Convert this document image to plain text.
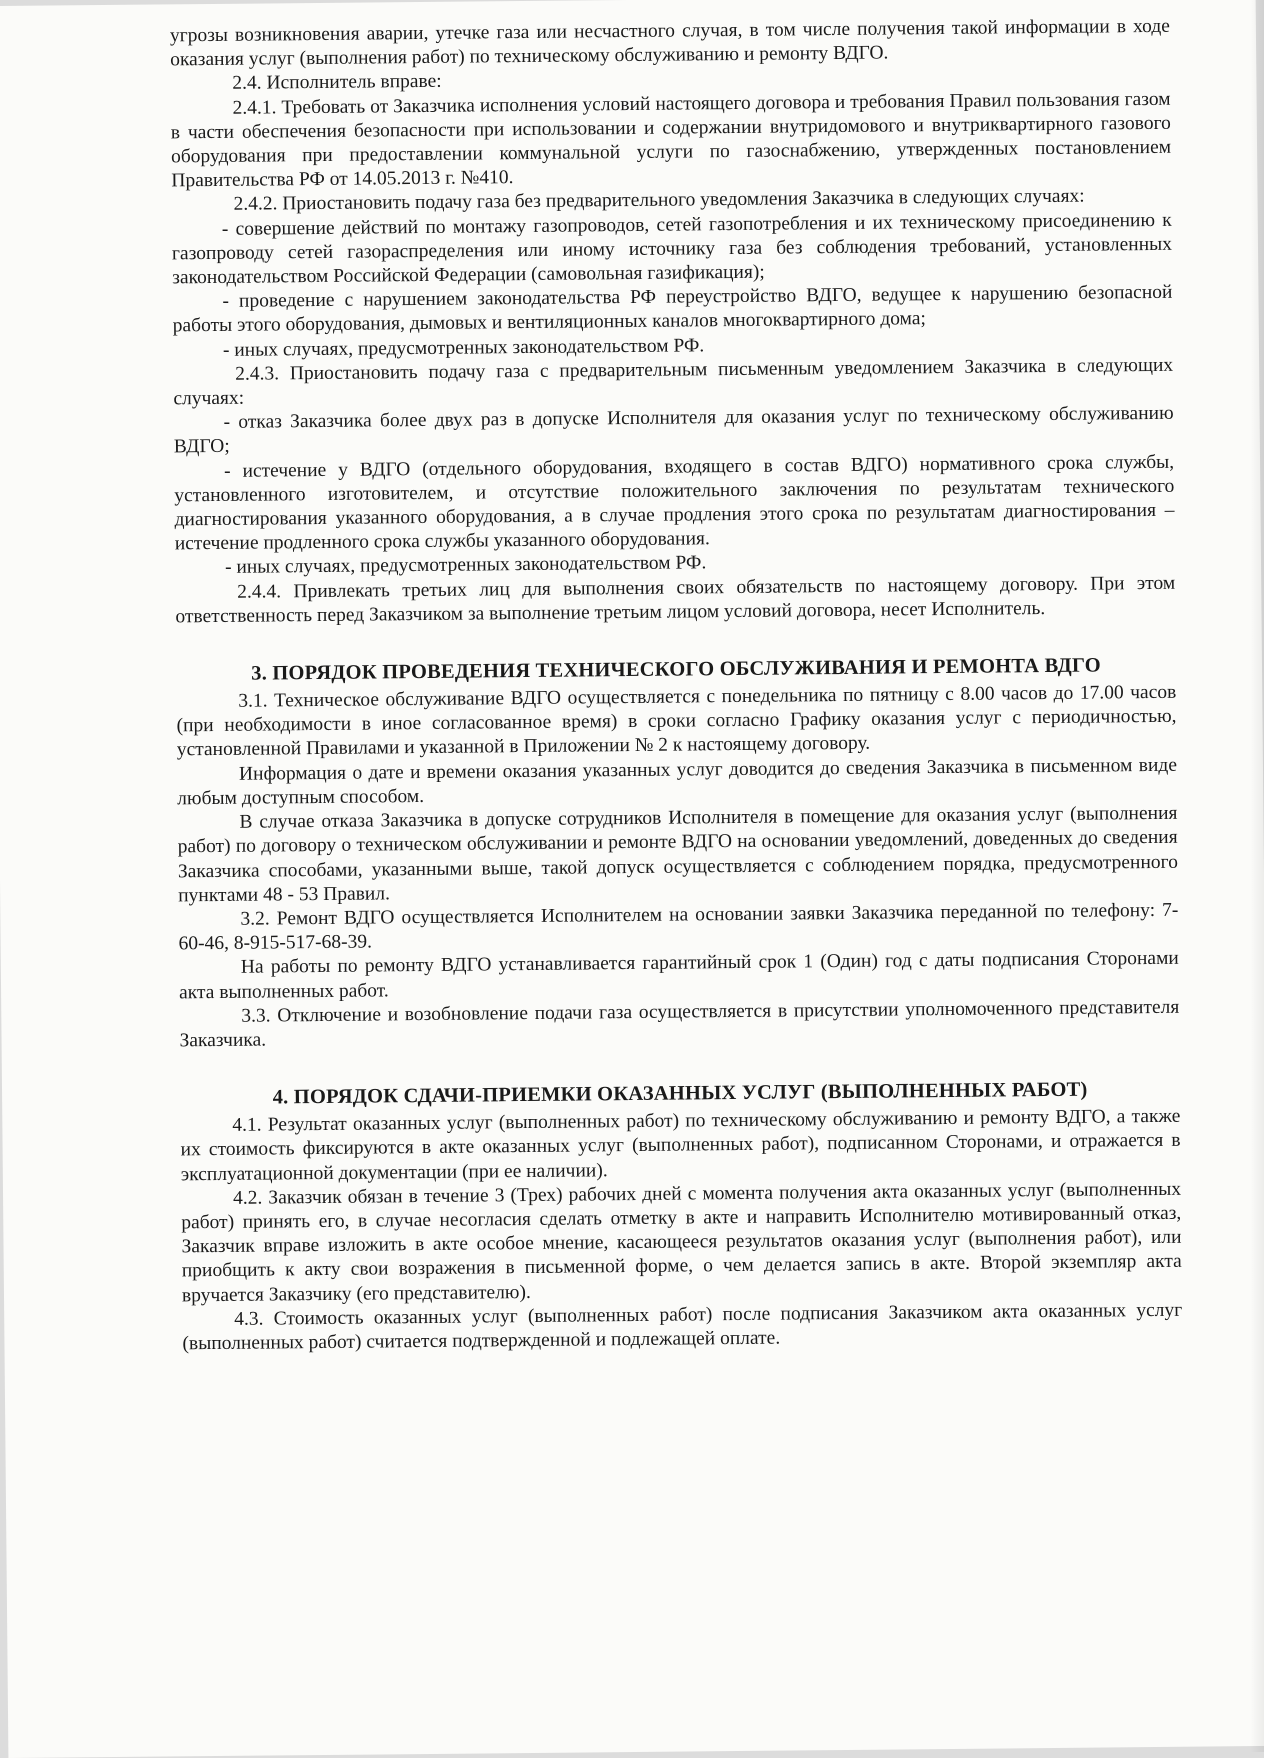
угрозы возникновения аварии, утечке газа или несчастного случая, в том числе получения такой информации в ходе оказания услуг (выполнения работ) по техническому обслуживанию и ремонту ВДГО.

2.4. Исполнитель вправе:

2.4.1. Требовать от Заказчика исполнения условий настоящего договора и требования Правил пользования газом в части обеспечения безопасности при использовании и содержании внутридомового и внутриквартирного газового оборудования при предоставлении коммунальной услуги по газоснабжению, утвержденных постановлением Правительства РФ от 14.05.2013 г. №410.

2.4.2. Приостановить подачу газа без предварительного уведомления Заказчика в следующих случаях:

- совершение действий по монтажу газопроводов, сетей газопотребления и их техническому присоединению к газопроводу сетей газораспределения или иному источнику газа без соблюдения требований, установленных законодательством Российской Федерации (самовольная газификация);

- проведение с нарушением законодательства РФ переустройство ВДГО, ведущее к нарушению безопасной работы этого оборудования, дымовых и вентиляционных каналов многоквартирного дома;

- иных случаях, предусмотренных законодательством РФ.

2.4.3. Приостановить подачу газа с предварительным письменным уведомлением Заказчика в следующих случаях:

- отказ Заказчика более двух раз в допуске Исполнителя для оказания услуг по техническому обслуживанию ВДГО;

- истечение у ВДГО (отдельного оборудования, входящего в состав ВДГО) нормативного срока службы, установленного изготовителем, и отсутствие положительного заключения по результатам технического диагностирования указанного оборудования, а в случае продления этого срока по результатам диагностирования – истечение продленного срока службы указанного оборудования.

- иных случаях, предусмотренных законодательством РФ.

2.4.4. Привлекать третьих лиц для выполнения своих обязательств по настоящему договору. При этом ответственность перед Заказчиком за выполнение третьим лицом условий договора, несет Исполнитель.

3. ПОРЯДОК ПРОВЕДЕНИЯ ТЕХНИЧЕСКОГО ОБСЛУЖИВАНИЯ И РЕМОНТА ВДГО

3.1. Техническое обслуживание ВДГО осуществляется с понедельника по пятницу с 8.00 часов до 17.00 часов (при необходимости в иное согласованное время) в сроки согласно Графику оказания услуг с периодичностью, установленной Правилами и указанной в Приложении № 2 к настоящему договору.

Информация о дате и времени оказания указанных услуг доводится до сведения Заказчика в письменном виде любым доступным способом.

В случае отказа Заказчика в допуске сотрудников Исполнителя в помещение для оказания услуг (выполнения работ) по договору о техническом обслуживании и ремонте ВДГО на основании уведомлений, доведенных до сведения Заказчика способами, указанными выше, такой допуск осуществляется с соблюдением порядка, предусмотренного пунктами 48 - 53 Правил.

3.2. Ремонт ВДГО осуществляется Исполнителем на основании заявки Заказчика переданной по телефону: 7-60-46, 8-915-517-68-39.

На работы по ремонту ВДГО устанавливается гарантийный срок 1 (Один) год с даты подписания Сторонами акта выполненных работ.

3.3. Отключение и возобновление подачи газа осуществляется в присутствии уполномоченного представителя Заказчика.

4. ПОРЯДОК СДАЧИ-ПРИЕМКИ ОКАЗАННЫХ УСЛУГ (ВЫПОЛНЕННЫХ РАБОТ)

4.1. Результат оказанных услуг (выполненных работ) по техническому обслуживанию и ремонту ВДГО, а также их стоимость фиксируются в акте оказанных услуг (выполненных работ), подписанном Сторонами, и отражается в эксплуатационной документации (при ее наличии).

4.2. Заказчик обязан в течение 3 (Трех) рабочих дней с момента получения акта оказанных услуг (выполненных работ) принять его, в случае несогласия сделать отметку в акте и направить Исполнителю мотивированный отказ, Заказчик вправе изложить в акте особое мнение, касающееся результатов оказания услуг (выполнения работ), или приобщить к акту свои возражения в письменной форме, о чем делается запись в акте. Второй экземпляр акта вручается Заказчику (его представителю).

4.3. Стоимость оказанных услуг (выполненных работ) после подписания Заказчиком акта оказанных услуг (выполненных работ) считается подтвержденной и подлежащей оплате.
